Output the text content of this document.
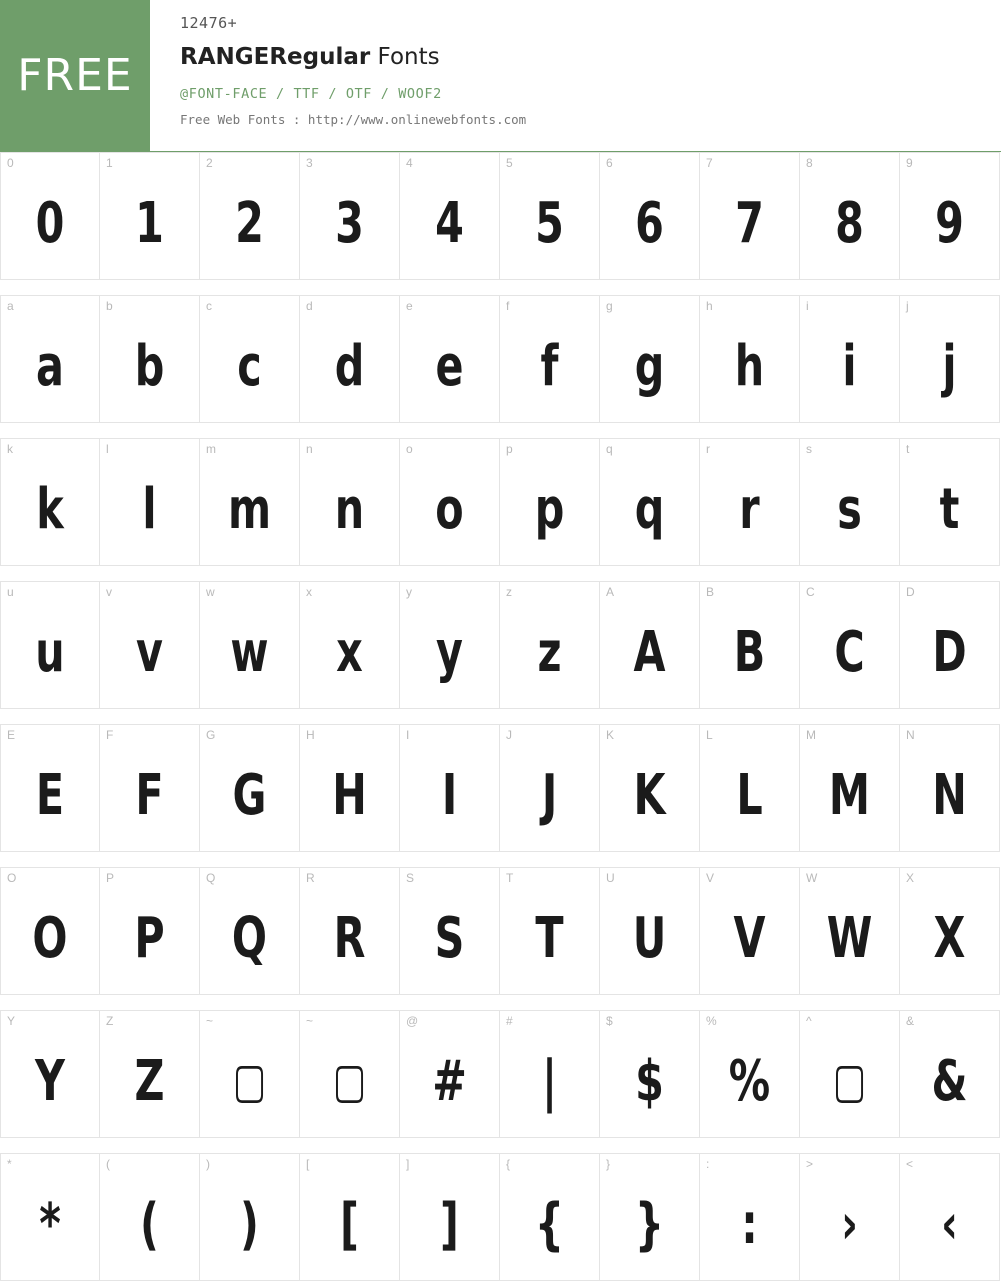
FREE
12476+
RANGERegular Fonts
@FONT-FACE / TTF / OTF / WOOF2
Free Web Fonts : http://www.onlinewebfonts.com
0
0
1
1
2
2
3
3
4
4
5
5
6
6
7
7
8
8
9
9
a
a
b
b
c
c
d
d
e
e
f
f
g
g
h
h
i
i
j
j
k
k
l
l
m
m
n
n
o
o
p
p
q
q
r
r
s
s
t
t
u
u
v
v
w
w
x
x
y
y
z
z
A
A
B
B
C
C
D
D
E
E
F
F
G
G
H
H
I
I
J
J
K
K
L
L
M
M
N
N
O
O
P
P
Q
Q
R
R
S
S
T
T
U
U
V
V
W
W
X
X
Y
Y
Z
Z
~
▢
~
▢
@
#
#
|
$
$
%
%
^
▢
&
&
*
*
(
(
)
)
[
[
]
]
{
{
}
}
:
:
>
›
<
‹
